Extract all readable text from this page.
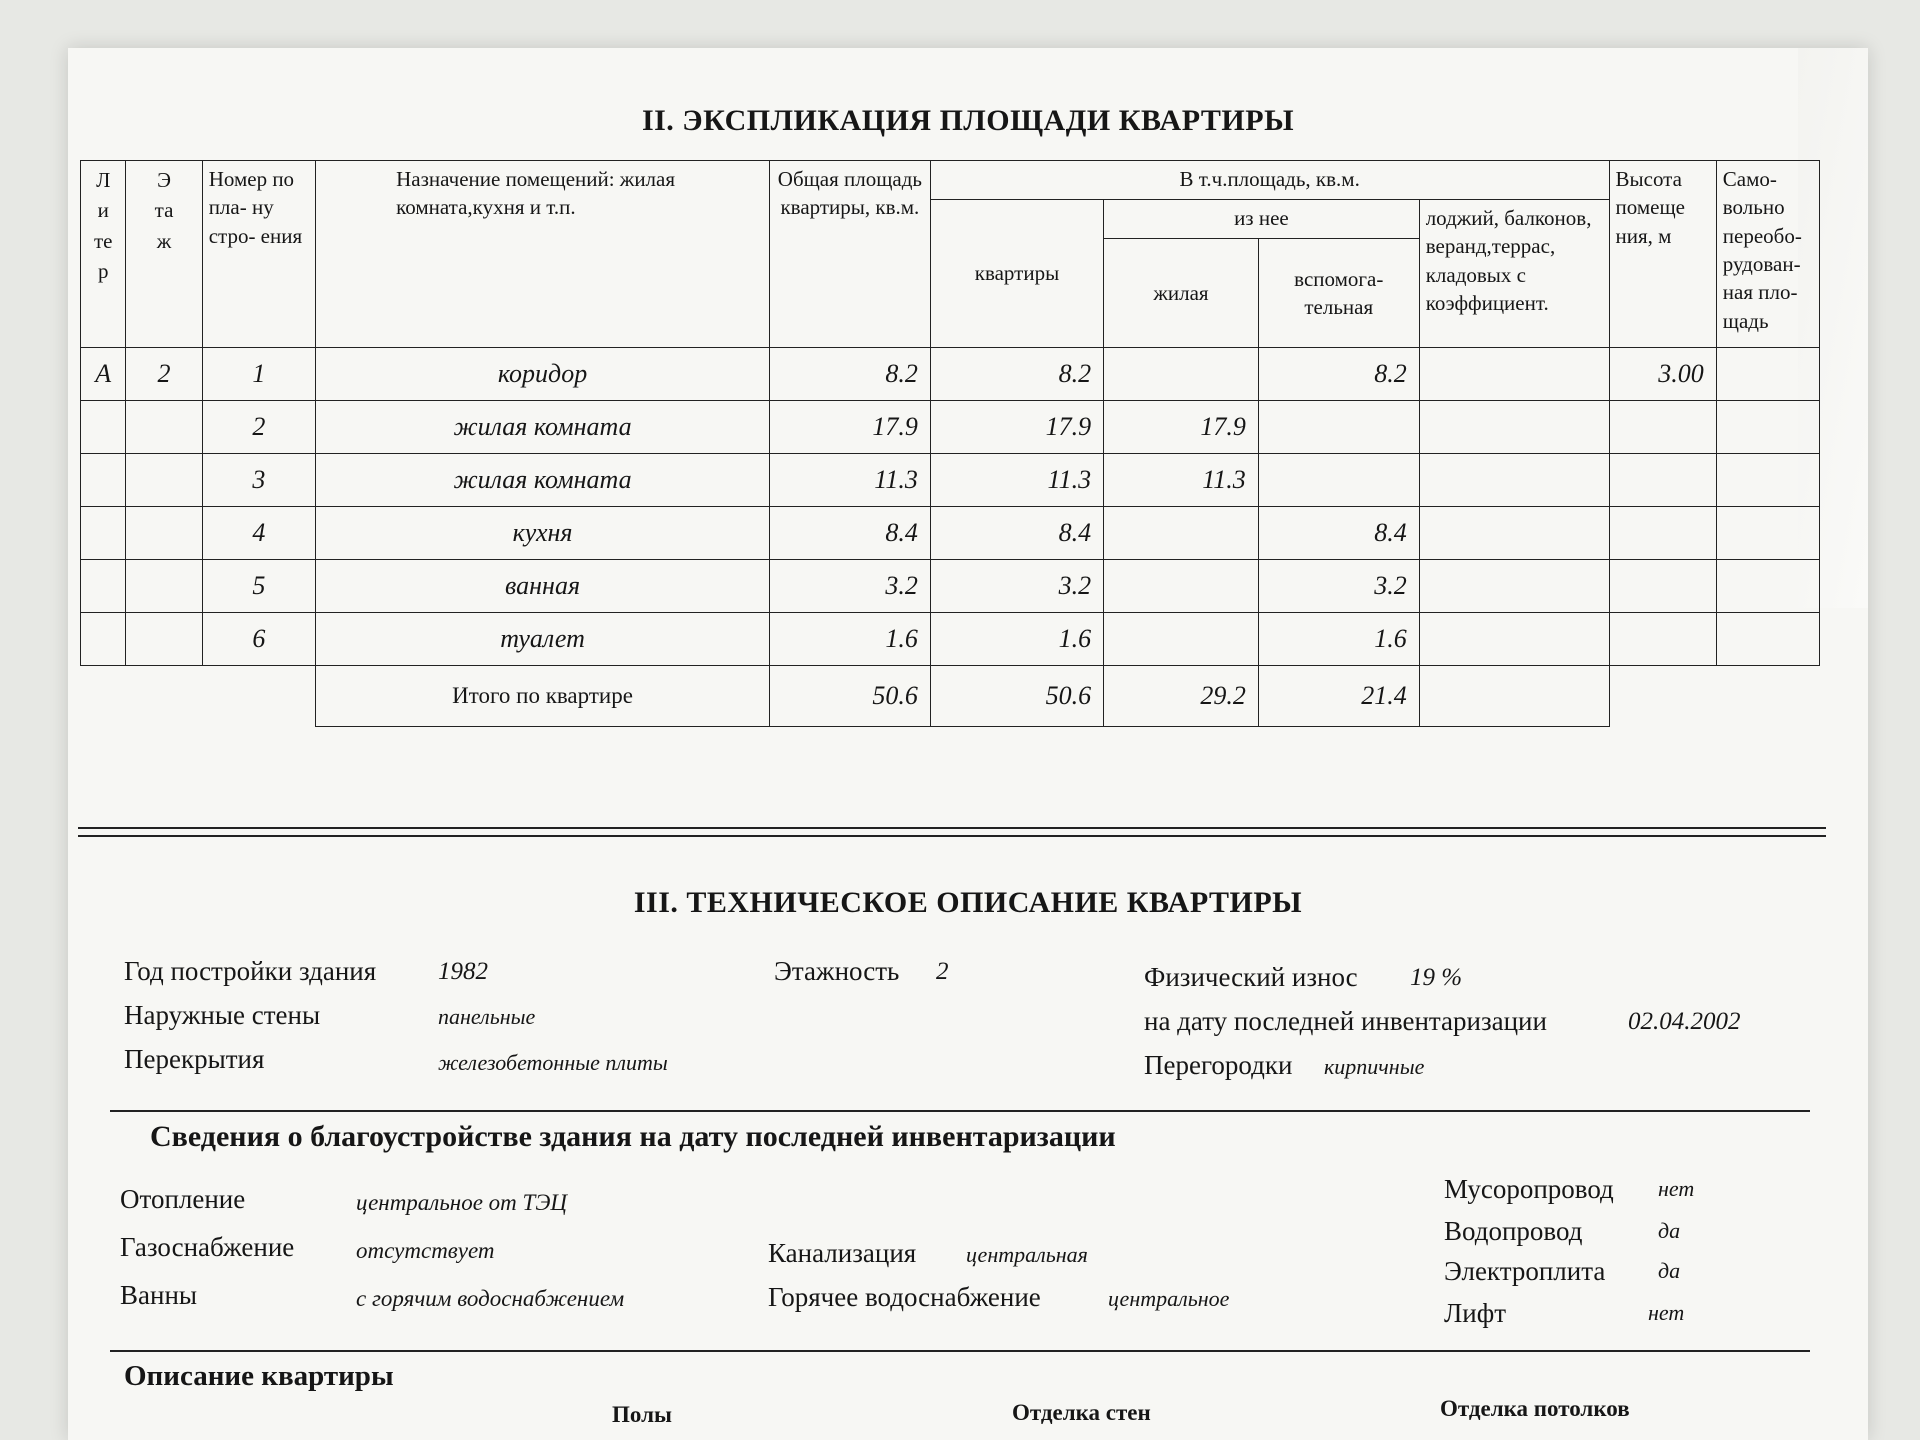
II. ЭКСПЛИКАЦИЯ ПЛОЩАДИ КВАРТИРЫ
Литер	Этаж	Номер по пла- ну стро- ения	Назначение помещений: жилая комната,кухня и т.п.	Общая площадь квартиры, кв.м.	В т.ч.площадь, кв.м.				Высота помеще ния, м	Само- вольно переобо- рудован- ная пло- щадь
					квартиры	из нее		лоджий, балконов, веранд,террас, кладовых с коэффициент.		
						жилая	вспомога- тельная			
А	2	1	коридор	8.2	8.2		8.2		3.00	
		2	жилая комната	17.9	17.9	17.9				
		3	жилая комната	11.3	11.3	11.3				
		4	кухня	8.4	8.4		8.4			
		5	ванная	3.2	3.2		3.2			
		6	туалет	1.6	1.6		1.6			
			Итого по квартире	50.6	50.6	29.2	21.4			
III. ТЕХНИЧЕСКОЕ ОПИСАНИЕ КВАРТИРЫ
Год постройки здания 1982	Этажность 2	Физический износ 19 %
Наружные стены	панельные	на дату последней инвентаризации	02.04.2002
Перекрытия	железобетонные плиты	Перегородки кирпичные
Сведения о благоустройстве здания на дату последней инвентаризации
Отопление	центральное от ТЭЦ
Газоснабжение	отсутствует
Ванны	с горячим водоснабжением
Канализация центральная
Горячее водоснабжение	центральное
Мусоропровод нет
Водопровод	да
Электроплита да
Лифт	нет
Описание квартиры
Полы	Отделка стен	Отделка потолков
